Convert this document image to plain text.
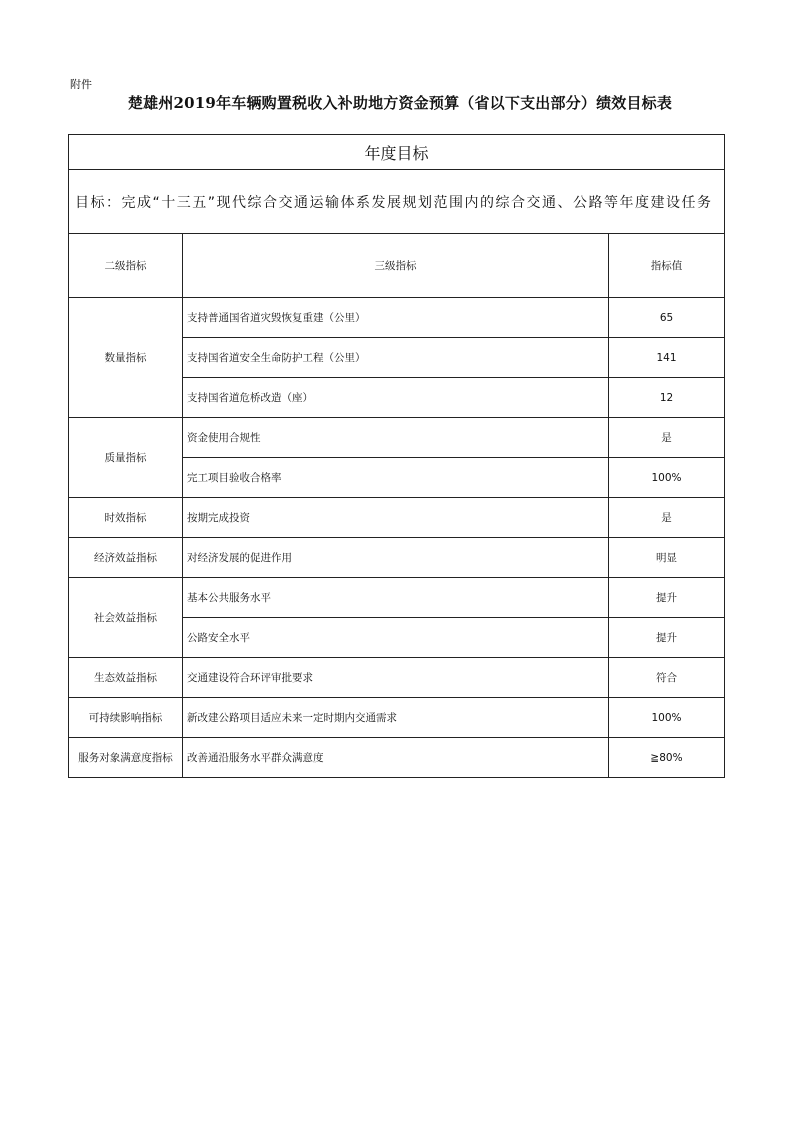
附件
楚雄州2019年车辆购置税收入补助地方资金预算（省以下支出部分）绩效目标表
年度目标		
目标：完成“十三五”现代综合交通运输体系发展规划范围内的综合交通、公路等年度建设任务		
二级指标	三级指标	指标值
数量指标	支持普通国省道灾毁恢复重建（公里）	65
	支持国省道安全生命防护工程（公里）	141
	支持国省道危桥改造（座）	12
质量指标	资金使用合规性	是
	完工项目验收合格率	100%
时效指标	按期完成投资	是
经济效益指标	对经济发展的促进作用	明显
社会效益指标	基本公共服务水平	提升
	公路安全水平	提升
生态效益指标	交通建设符合环评审批要求	符合
可持续影响指标	新改建公路项目适应未来一定时期内交通需求	100%
服务对象满意度指标	改善通沿服务水平群众满意度	≧80%
